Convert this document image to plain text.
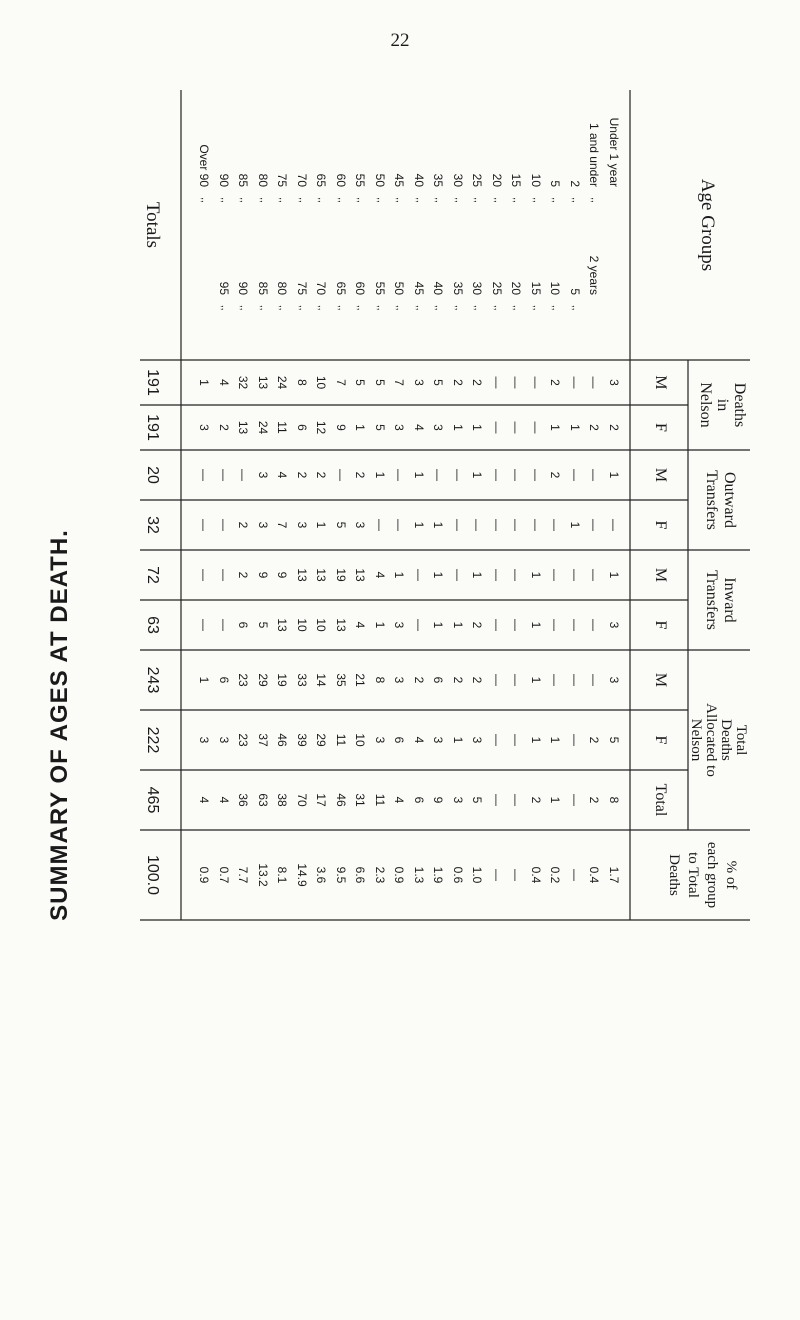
22
SUMMARY OF AGES AT DEATH.
Age Groups
Deaths
in
Nelson
Outward
Transfers
Inward
Transfers
Total
Deaths
Allocated to
Nelson
% of
each group
to Total
Deaths
M
F
M
F
M
F
M
F
Total
Under 1 year
3
2
1
—
1
3
3
5
8
1.7
1 and under
,,
2 years
—
2
—
—
—
—
—
2
2
0.4
2
,,
5
,,
—
1
—
1
—
—
—
—
—
—
5
,,
10
,,
2
1
2
—
—
—
—
1
1
0.2
10
,,
15
,,
—
—
—
—
1
1
1
1
2
0.4
15
,,
20
,,
—
—
—
—
—
—
—
—
—
—
20
,,
25
,,
—
—
—
—
—
—
—
—
—
—
25
,,
30
,,
2
1
1
—
1
2
2
3
5
1.0
30
,,
35
,,
2
1
—
—
—
1
2
1
3
0.6
35
,,
40
,,
5
3
—
1
1
1
6
3
9
1.9
40
,,
45
,,
3
4
1
1
—
—
2
4
6
1.3
45
,,
50
,,
7
3
—
—
1
3
3
6
4
0.9
50
,,
55
,,
5
5
1
—
4
1
8
3
11
2.3
55
,,
60
,,
5
1
2
3
13
4
21
10
31
6.6
60
,,
65
,,
7
9
—
5
19
13
35
11
46
9.5
65
,,
70
,,
10
12
2
1
13
10
14
29
17
3.6
70
,,
75
,,
8
6
2
3
13
10
33
39
70
14.9
75
,,
80
,,
24
11
4
7
9
13
19
46
38
8.1
80
,,
85
,,
13
24
3
3
9
5
29
37
63
13.2
85
,,
90
,,
32
13
—
2
2
6
23
23
36
7.7
90
,,
95
,,
4
2
—
—
—
—
6
3
4
0.7
Over 90
,,
1
3
—
—
—
—
1
3
4
0.9
Totals
191
191
20
32
72
63
243
222
465
100.0
